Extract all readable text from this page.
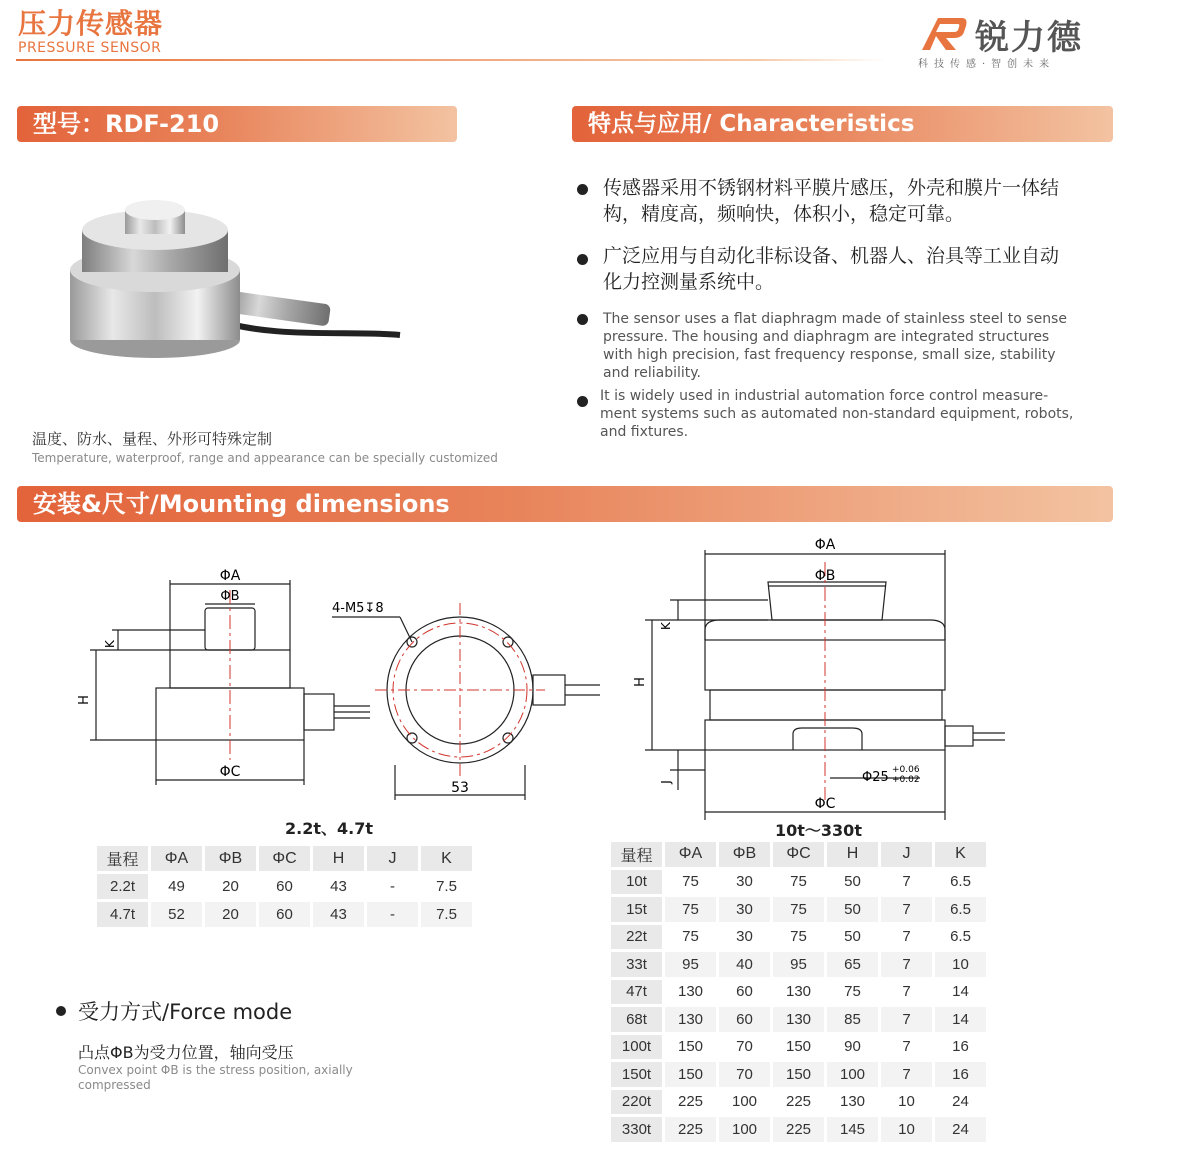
压力传感器
PRESSURE SENSOR	锐力德
科技传感·智创未来
型号：RDF-210
温度、防水、量程、外形可特殊定制
Temperature, waterproof, range and appearance can be specially customized
特点与应用/ Characteristics
传感器采用不锈钢材料平膜片感压，外壳和膜片一体结构，精度高，频响快，体积小，稳定可靠。
广泛应用与自动化非标设备、机器人、治具等工业自动化力控测量系统中。
The sensor uses a flat diaphragm made of stainless steel to sense pressure. The housing and diaphragm are integrated structures with high precision, fast frequency response, small size, stability and reliability.
It is widely used in industrial automation force control measure-ment systems such as automated non-standard equipment, robots, and fixtures.
安装&尺寸/Mounting dimensions
ΦA
ΦB
ΦC
H
K
4-M5↧8
53
2.2t、4.7t
ΦA
ΦB
ΦC
H
K
J	Φ25 +0.06
+0.02
10t～330t
量程	ΦA	ΦB	ΦC	H	J	K
2.2t	49	20	60	43	-	7.5
4.7t	52	20	60	43	-	7.5
量程	ΦA	ΦB	ΦC	H	J	K
10t	75	30	75	50	7	6.5
15t	75	30	75	50	7	6.5
22t	75	30	75	50	7	6.5
33t	95	40	95	65	7	10
47t	130	60	130	75	7	14
68t	130	60	130	85	7	14
100t	150	70	150	90	7	16
150t	150	70	150	100	7	16
220t	225	100	225	130	10	24
330t	225	100	225	145	10	24
受力方式/Force mode
凸点ΦB为受力位置，轴向受压
Convex point ΦB is the stress position, axially compressed
